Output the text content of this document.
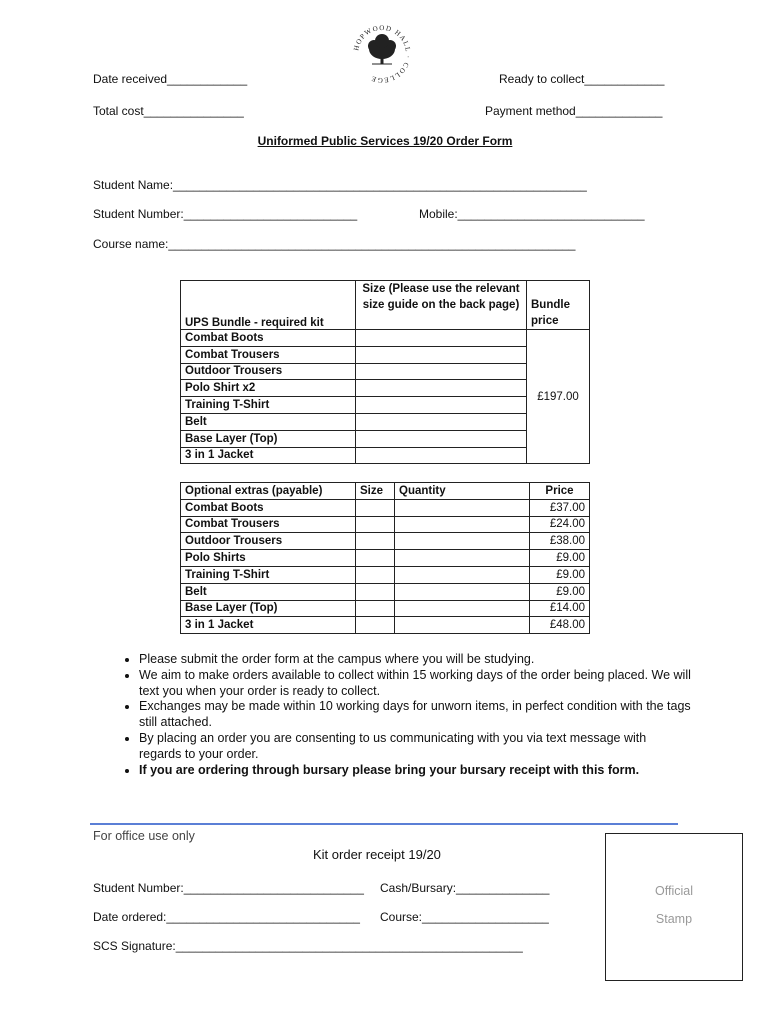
HOPWOOD HALL · COLLEGE
Date received____________	Ready to collect____________
Total cost_______________	Payment method_____________
Uniformed Public Services 19/20 Order Form
Student Name:______________________________________________________________
Student Number:__________________________	Mobile:____________________________
Course name:_____________________________________________________________
UPS Bundle - required kit	Size (Please use the relevant size guide on the back page)	Bundle price
Combat Boots		£197.00
Combat Trousers		
Outdoor Trousers		
Polo Shirt x2		
Training T-Shirt		
Belt		
Base Layer (Top)		
3 in 1 Jacket		
Optional extras (payable)	Size	Quantity	Price
Combat Boots			£37.00
Combat Trousers			£24.00
Outdoor Trousers			£38.00
Polo Shirts			£9.00
Training T-Shirt			£9.00
Belt			£9.00
Base Layer (Top)			£14.00
3 in 1 Jacket			£48.00
• Please submit the order form at the campus where you will be studying.
• We aim to make orders available to collect within 15 working days of the order being placed. We will text you when your order is ready to collect.
• Exchanges may be made within 10 working days for unworn items, in perfect condition with the tags still attached.
• By placing an order you are consenting to us communicating with you via text message with regards to your order.
• If you are ordering through bursary please bring your bursary receipt with this form.
For office use only
Kit order receipt 19/20
Student Number:___________________________ Cash/Bursary:______________
Date ordered:_____________________________ Course:___________________
SCS Signature:____________________________________________________
Official
Stamp
